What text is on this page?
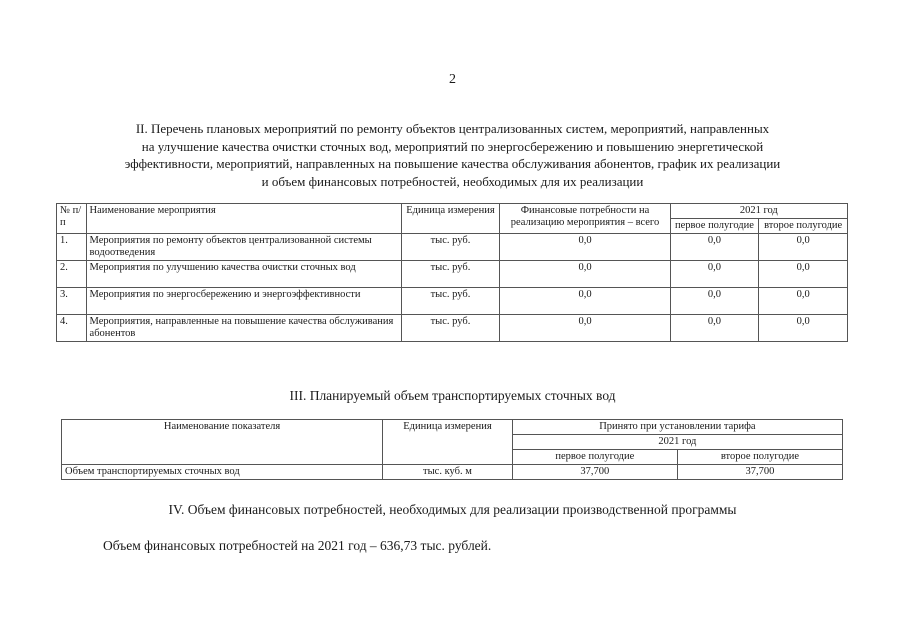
2
II. Перечень плановых мероприятий по ремонту объектов централизованных систем, мероприятий, направленных
на улучшение качества очистки сточных вод, мероприятий по энергосбережению и повышению энергетической
эффективности, мероприятий, направленных на повышение качества обслуживания абонентов, график их реализации
и объем финансовых потребностей, необходимых для их реализации
№ п/п	Наименование мероприятия	Единица измерения	Финансовые потребности на реализацию мероприятия – всего	2021 год	
				первое полугодие	второе полугодие
1.	Мероприятия по ремонту объектов централизованной системы водоотведения	тыс. руб.	0,0	0,0	0,0
2.	Мероприятия по улучшению качества очистки сточных вод	тыс. руб.	0,0	0,0	0,0
3.	Мероприятия по энергосбережению и энергоэффективности	тыс. руб.	0,0	0,0	0,0
4.	Мероприятия, направленные на повышение качества обслуживания абонентов	тыс. руб.	0,0	0,0	0,0
III. Планируемый объем транспортируемых сточных вод
Наименование показателя	Единица измерения	Принято при установлении тарифа	
		2021 год	
		первое полугодие	второе полугодие
Объем транспортируемых сточных вод	тыс. куб. м	37,700	37,700
IV. Объем финансовых потребностей, необходимых для реализации производственной программы
Объем финансовых потребностей на 2021 год – 636,73 тыс. рублей.
